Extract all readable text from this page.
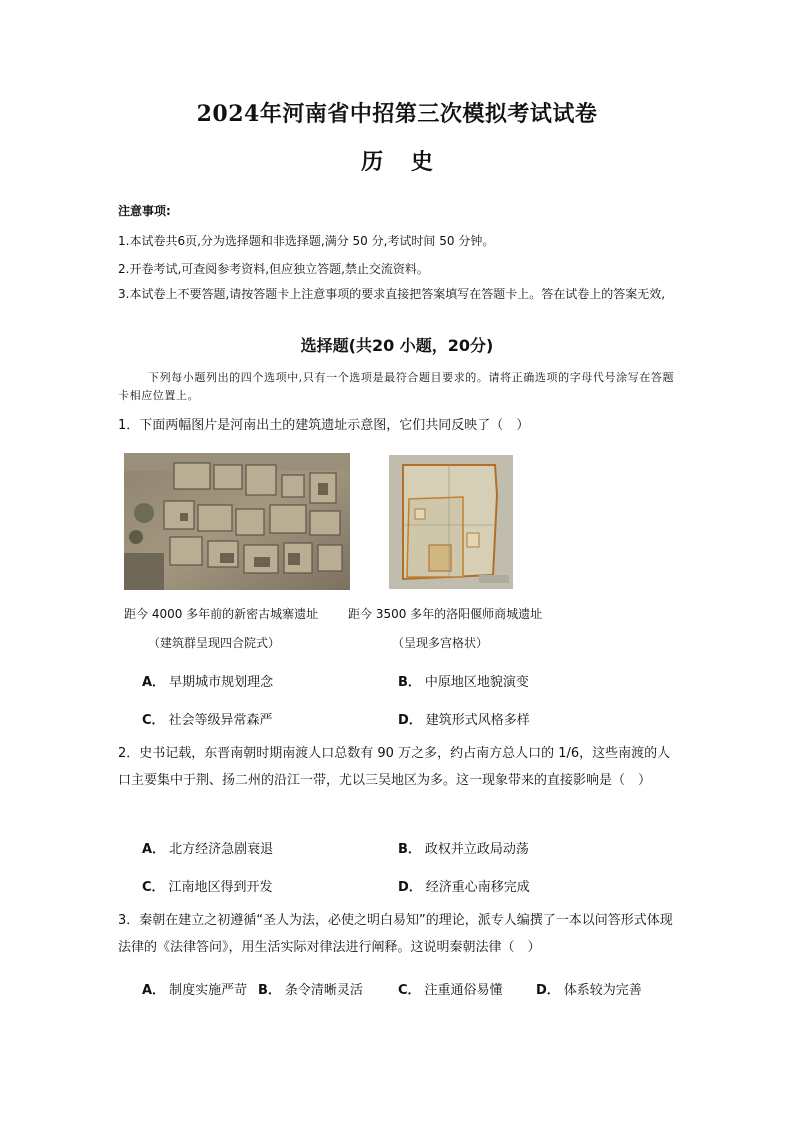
2024年河南省中招第三次模拟考试试卷
历 史
注意事项:
1.本试卷共6页,分为选择题和非选择题,满分 50 分,考试时间 50 分钟。
2.开卷考试,可查阅参考资料,但应独立答题,禁止交流资料。
3.本试卷上不要答题,请按答题卡上注意事项的要求直接把答案填写在答题卡上。答在试卷上的答案无效,
选择题(共20 小题，20分)
下列每小题列出的四个选项中,只有一个选项是最符合题目要求的。请将正确选项的字母代号涂写在答题卡相应位置上。
1．下面两幅图片是河南出土的建筑遗址示意图，它们共同反映了（　）
距今 4000 多年前的新密古城寨遗址 距今 3500 多年的洛阳偃师商城遗址
（建筑群呈现四合院式）	（呈现多宫格状）
A． 早期城市规划理念	B． 中原地区地貌演变
C． 社会等级异常森严	D． 建筑形式风格多样
2．史书记载，东晋南朝时期南渡人口总数有 90 万之多，约占南方总人口的 1/6，这些南渡的人口主要集中于荆、扬二州的沿江一带，尤以三吴地区为多。这一现象带来的直接影响是（　）
A． 北方经济急剧衰退	B． 政权并立政局动荡
C． 江南地区得到开发	D． 经济重心南移完成
3．秦朝在建立之初遵循“圣人为法，必使之明白易知”的理论，派专人编撰了一本以问答形式体现法律的《法律答问》，用生活实际对律法进行阐释。这说明秦朝法律（　）
A． 制度实施严苛 B． 条令清晰灵活	C． 注重通俗易懂	D． 体系较为完善
